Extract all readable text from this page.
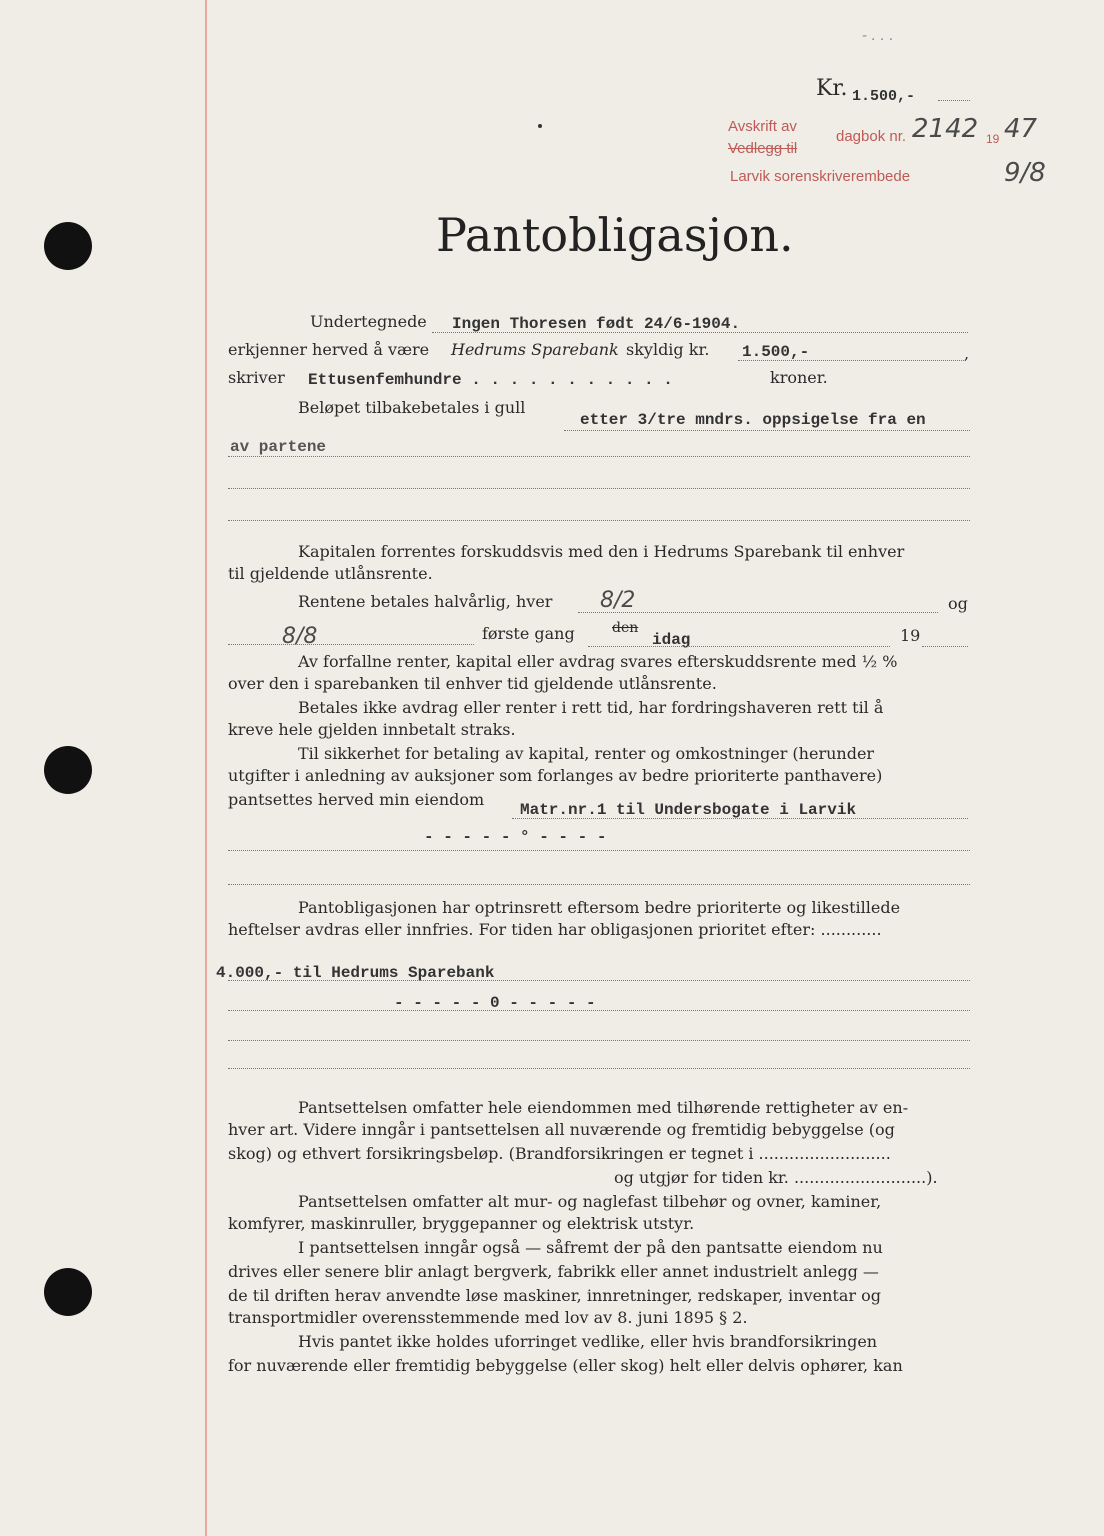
- . . .
Kr. 1.500,-
Avskrift av
Vedlegg til
dagbok nr. 2142 19 47
Larvik sorenskriverembede	9/8
Pantobligasjon.
Undertegnede Ingen Thoresen født 24/6-1904.
erkjenner herved å være Hedrums Sparebank skyldig kr. 1.500,-	,
skriver Ettusenfemhundre . . . . . . . . . . .	kroner.
Beløpet tilbakebetales i gull
etter 3/tre mndrs. oppsigelse fra en
av partene
Kapitalen forrentes forskuddsvis med den i Hedrums Sparebank til enhver
til gjeldende utlånsrente.
Rentene betales halvårlig, hver 8/2	og
8/8	første gang	den
idag	19
Av forfallne renter, kapital eller avdrag svares efterskuddsrente med ½ %
over den i sparebanken til enhver tid gjeldende utlånsrente.
Betales ikke avdrag eller renter i rett tid, har fordringshaveren rett til å
kreve hele gjelden innbetalt straks.
Til sikkerhet for betaling av kapital, renter og omkostninger (herunder
utgifter i anledning av auksjoner som forlanges av bedre prioriterte panthavere)
pantsettes herved min eiendom
Matr.nr.1 til Undersbogate i Larvik
- - - - - ° - - - -
Pantobligasjonen har optrinsrett eftersom bedre prioriterte og likestillede
heftelser avdras eller innfries. For tiden har obligasjonen prioritet efter: ............
4.000,- til Hedrums Sparebank
- - - - - 0 - - - - -
Pantsettelsen omfatter hele eiendommen med tilhørende rettigheter av en-
hver art. Videre inngår i pantsettelsen all nuværende og fremtidig bebyggelse (og
skog) og ethvert forsikringsbeløp. (Brandforsikringen er tegnet i ..........................
og utgjør for tiden kr. ..........................).
Pantsettelsen omfatter alt mur- og naglefast tilbehør og ovner, kaminer,
komfyrer, maskinruller, bryggepanner og elektrisk utstyr.
I pantsettelsen inngår også — såfremt der på den pantsatte eiendom nu
drives eller senere blir anlagt bergverk, fabrikk eller annet industrielt anlegg —
de til driften herav anvendte løse maskiner, innretninger, redskaper, inventar og
transportmidler overensstemmende med lov av 8. juni 1895 § 2.
Hvis pantet ikke holdes uforringet vedlike, eller hvis brandforsikringen
for nuværende eller fremtidig bebyggelse (eller skog) helt eller delvis ophører, kan
